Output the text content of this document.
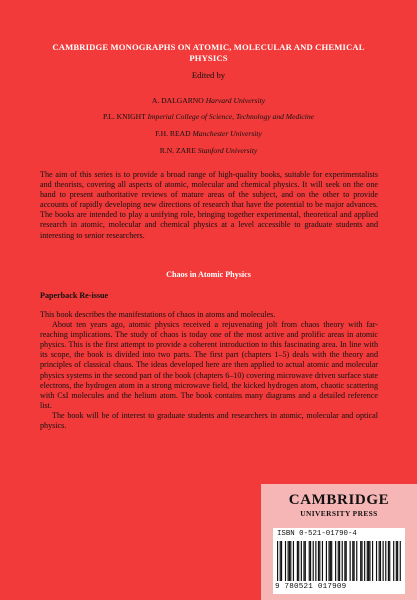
CAMBRIDGE MONOGRAPHS ON ATOMIC, MOLECULAR AND CHEMICAL PHYSICS
Edited by
A. DALGARNO Harvard University
P.L. KNIGHT Imperial College of Science, Technology and Medicine
F.H. READ Manchester University
R.N. ZARE Stanford University
The aim of this series is to provide a broad range of high-quality books, suitable for experimentalists and theorists, covering all aspects of atomic, molecular and chemical physics. It will seek on the one hand to present authoritative reviews of mature areas of the subject, and on the other to provide accounts of rapidly developing new directions of research that have the potential to be major advances. The books are intended to play a unifying role, bringing together experimental, theoretical and applied research in atomic, molecular and chemical physics at a level accessible to graduate students and interesting to senior researchers.
Chaos in Atomic Physics
Paperback Re-issue

This book describes the manifestations of chaos in atoms and molecules.

About ten years ago, atomic physics received a rejuvenating jolt from chaos theory with far-reaching implications. The study of chaos is today one of the most active and prolific areas in atomic physics. This is the first attempt to provide a coherent introduction to this fascinating area. In line with its scope, the book is divided into two parts. The first part (chapters 1–5) deals with the theory and principles of classical chaos. The ideas developed here are then applied to actual atomic and molecular physics systems in the second part of the book (chapters 6–10) covering microwave driven surface state electrons, the hydrogen atom in a strong microwave field, the kicked hydrogen atom, chaotic scattering with CsI molecules and the helium atom. The book contains many diagrams and a detailed reference list.

The book will be of interest to graduate students and researchers in atomic, molecular and optical physics.

CAMBRIDGE
UNIVERSITY PRESS
ISBN 0-521-01790-4
9 780521 017909
